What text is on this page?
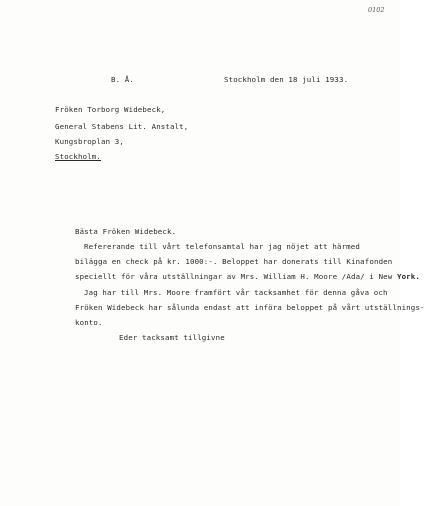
0102
B. Å.	Stockholm den 18 juli 1933.
Fröken Torborg Widebeck,
General Stabens Lit. Anstalt,
Kungsbroplan 3,
Stockholm.
Bästa Fröken Widebeck.
Refererande till vårt telefonsamtal har jag nöjet att härmed
bilägga en check på kr. 1000:-. Beloppet har donerats till Kinafonden
speciellt för våra utställningar av Mrs. William H. Moore /Ada/ i New York.
Jag har till Mrs. Moore framfört vår tacksamhet för denna gåva och
Fröken Widebeck har sålunda endast att införa beloppet på vårt utställnings-
konto.
Eder tacksamt tillgivne
